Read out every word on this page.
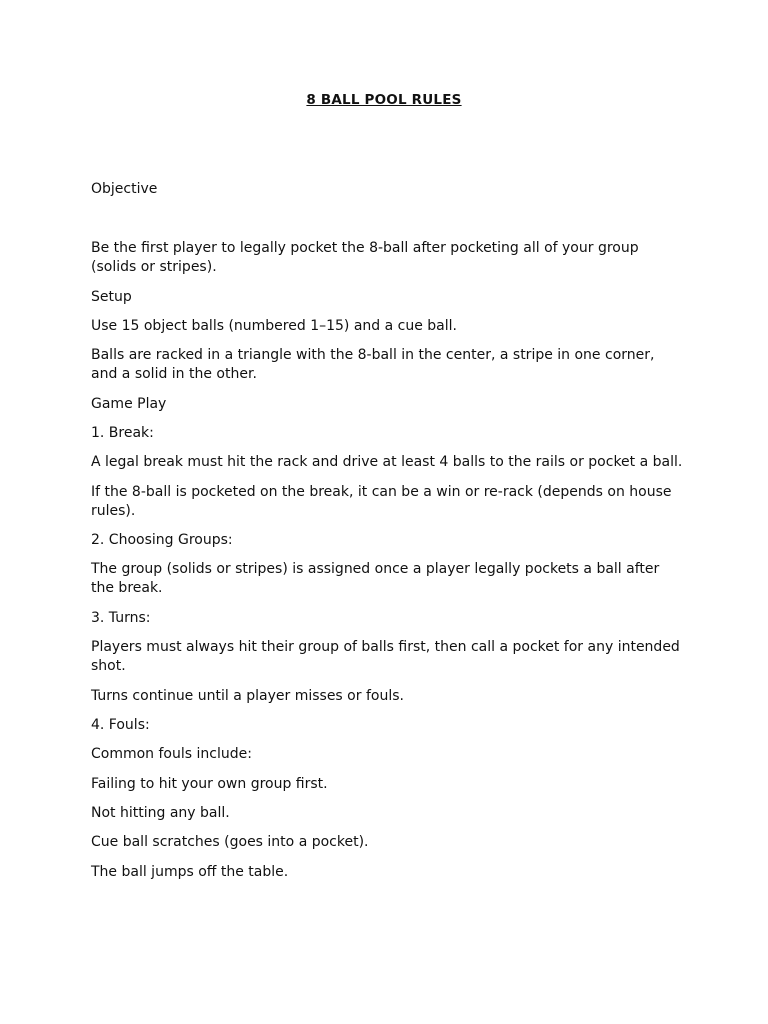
8 BALL POOL RULES

Objective

Be the first player to legally pocket the 8-ball after pocketing all of your group (solids or stripes).

Setup

Use 15 object balls (numbered 1–15) and a cue ball.

Balls are racked in a triangle with the 8-ball in the center, a stripe in one corner, and a solid in the other.

Game Play

1. Break:

A legal break must hit the rack and drive at least 4 balls to the rails or pocket a ball.

If the 8-ball is pocketed on the break, it can be a win or re-rack (depends on house rules).

2. Choosing Groups:

The group (solids or stripes) is assigned once a player legally pockets a ball after the break.

3. Turns:

Players must always hit their group of balls first, then call a pocket for any intended shot.

Turns continue until a player misses or fouls.

4. Fouls:

Common fouls include:

Failing to hit your own group first.

Not hitting any ball.

Cue ball scratches (goes into a pocket).

The ball jumps off the table.
